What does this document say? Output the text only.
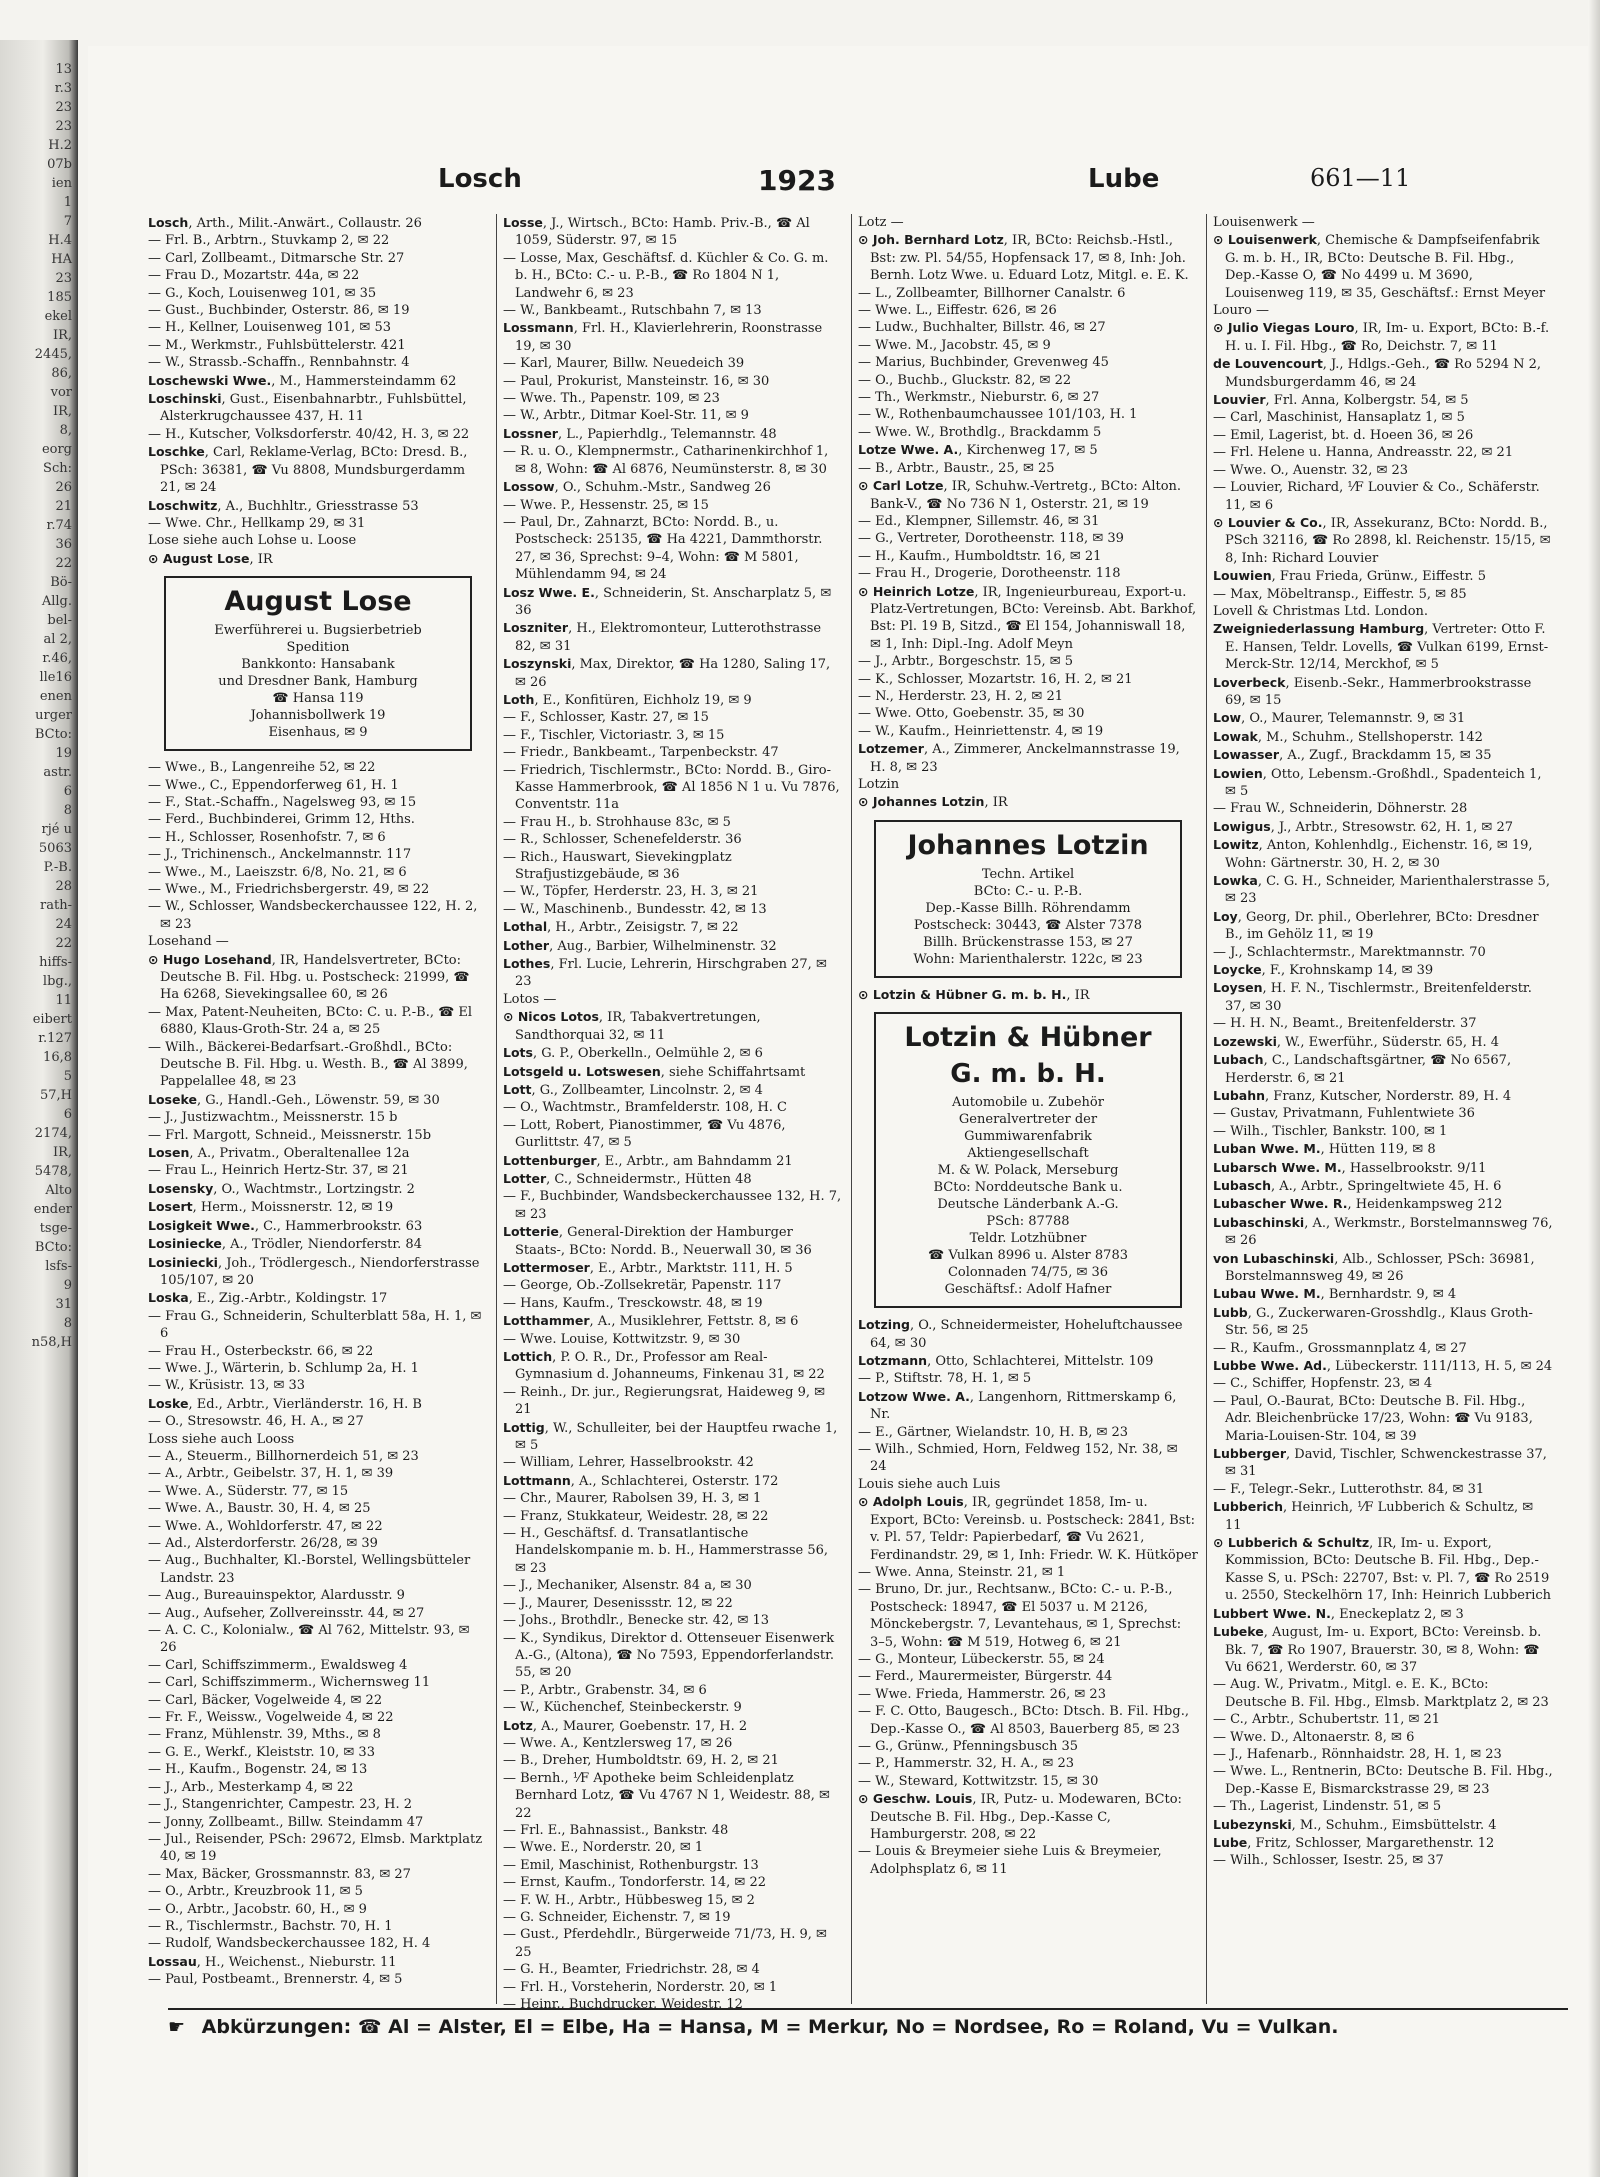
13
r.3
23
23
H.2
07b
ien
1
7
H.4
HA
23
185
ekel
IR,
2445,
86,
vor
IR,
8,
eorg
Sch:
26
21
r.74
36
22
Bö-
Allg.
bel-
al 2,
r.46,
lle16
enen
urger
BCto:
19
astr.
6
8
rjé u
5063
P.-B.
28
rath-
24
22
hiffs-
lbg.,
11
eibert
r.127
16,8
5
57,H
6
2174,
IR,
5478,
Alto
ender
tsge-
BCto:
lsfs-
9
31
8
n58,H
Losch	1923	Lube	661—11
Losch, Arth., Milit.-Anwärt., Collaustr. 26
— Frl. B., Arbtrn., Stuvkamp 2, ✉ 22
— Carl, Zollbeamt., Ditmarsche Str. 27
— Frau D., Mozartstr. 44a, ✉ 22
— G., Koch, Louisenweg 101, ✉ 35
— Gust., Buchbinder, Osterstr. 86, ✉ 19
— H., Kellner, Louisenweg 101, ✉ 53
— M., Werkmstr., Fuhlsbüttelerstr. 421
— W., Strassb.-Schaffn., Rennbahnstr. 4
Loschewski Wwe., M., Hammersteindamm 62
Loschinski, Gust., Eisenbahnarbtr., Fuhlsbüttel, Alsterkrugchaussee 437, H. 11
— H., Kutscher, Volksdorferstr. 40/42, H. 3, ✉ 22
Loschke, Carl, Reklame-Verlag, BCto: Dresd. B., PSch: 36381, ☎ Vu 8808, Mundsburgerdamm 21, ✉ 24
Loschwitz, A., Buchhltr., Griesstrasse 53
— Wwe. Chr., Hellkamp 29, ✉ 31
Lose siehe auch Lohse u. Loose
⊙ August Lose, IR
August Lose
Ewerführerei u. Bugsierbetrieb
Spedition
Bankkonto: Hansabank
und Dresdner Bank, Hamburg
☎ Hansa 119
Johannisbollwerk 19
Eisenhaus, ✉ 9
— Wwe., B., Langenreihe 52, ✉ 22
— Wwe., C., Eppendorferweg 61, H. 1
— F., Stat.-Schaffn., Nagelsweg 93, ✉ 15
— Ferd., Buchbinderei, Grimm 12, Hths.
— H., Schlosser, Rosenhofstr. 7, ✉ 6
— J., Trichinensch., Anckelmannstr. 117
— Wwe., M., Laeiszstr. 6/8, No. 21, ✉ 6
— Wwe., M., Friedrichsbergerstr. 49, ✉ 22
— W., Schlosser, Wandsbeckerchaussee 122, H. 2, ✉ 23
Losehand —
⊙ Hugo Losehand, IR, Handelsvertreter, BCto: Deutsche B. Fil. Hbg. u. Postscheck: 21999, ☎ Ha 6268, Sievekingsallee 60, ✉ 26
— Max, Patent-Neuheiten, BCto: C. u. P.-B., ☎ El 6880, Klaus-Groth-Str. 24 a, ✉ 25
— Wilh., Bäckerei-Bedarfsart.-Großhdl., BCto: Deutsche B. Fil. Hbg. u. Westh. B., ☎ Al 3899, Pappelallee 48, ✉ 23
Loseke, G., Handl.-Geh., Löwenstr. 59, ✉ 30
— J., Justizwachtm., Meissnerstr. 15 b
— Frl. Margott, Schneid., Meissnerstr. 15b
Losen, A., Privatm., Oberaltenallee 12a
— Frau L., Heinrich Hertz-Str. 37, ✉ 21
Losensky, O., Wachtmstr., Lortzingstr. 2
Losert, Herm., Moissnerstr. 12, ✉ 19
Losigkeit Wwe., C., Hammerbrookstr. 63
Losiniecke, A., Trödler, Niendorferstr. 84
Losiniecki, Joh., Trödlergesch., Niendorferstrasse 105/107, ✉ 20
Loska, E., Zig.-Arbtr., Koldingstr. 17
— Frau G., Schneiderin, Schulterblatt 58a, H. 1, ✉ 6
— Frau H., Osterbeckstr. 66, ✉ 22
— Wwe. J., Wärterin, b. Schlump 2a, H. 1
— W., Krüsistr. 13, ✉ 33
Loske, Ed., Arbtr., Vierländerstr. 16, H. B
— O., Stresowstr. 46, H. A., ✉ 27
Loss siehe auch Looss
— A., Steuerm., Billhornerdeich 51, ✉ 23
— A., Arbtr., Geibelstr. 37, H. 1, ✉ 39
— Wwe. A., Süderstr. 77, ✉ 15
— Wwe. A., Baustr. 30, H. 4, ✉ 25
— Wwe. A., Wohldorferstr. 47, ✉ 22
— Ad., Alsterdorferstr. 26/28, ✉ 39
— Aug., Buchhalter, Kl.-Borstel, Wellingsbütteler Landstr. 23
— Aug., Bureauinspektor, Alardusstr. 9
— Aug., Aufseher, Zollvereinsstr. 44, ✉ 27
— A. C. C., Kolonialw., ☎ Al 762, Mittelstr. 93, ✉ 26
— Carl, Schiffszimmerm., Ewaldsweg 4
— Carl, Schiffszimmerm., Wichernsweg 11
— Carl, Bäcker, Vogelweide 4, ✉ 22
— Fr. F., Weissw., Vogelweide 4, ✉ 22
— Franz, Mühlenstr. 39, Mths., ✉ 8
— G. E., Werkf., Kleiststr. 10, ✉ 33
— H., Kaufm., Bogenstr. 24, ✉ 13
— J., Arb., Mesterkamp 4, ✉ 22
— J., Stangenrichter, Campestr. 23, H. 2
— Jonny, Zollbeamt., Billw. Steindamm 47
— Jul., Reisender, PSch: 29672, Elmsb. Marktplatz 40, ✉ 19
— Max, Bäcker, Grossmannstr. 83, ✉ 27
— O., Arbtr., Kreuzbrook 11, ✉ 5
— O., Arbtr., Jacobstr. 60, H., ✉ 9
— R., Tischlermstr., Bachstr. 70, H. 1
— Rudolf, Wandsbeckerchaussee 182, H. 4
Lossau, H., Weichenst., Nieburstr. 11
— Paul, Postbeamt., Brennerstr. 4, ✉ 5
Losse, J., Wirtsch., BCto: Hamb. Priv.-B., ☎ Al 1059, Süderstr. 97, ✉ 15
— Losse, Max, Geschäftsf. d. Küchler & Co. G. m. b. H., BCto: C.- u. P.-B., ☎ Ro 1804 N 1, Landwehr 6, ✉ 23
— W., Bankbeamt., Rutschbahn 7, ✉ 13
Lossmann, Frl. H., Klavierlehrerin, Roonstrasse 19, ✉ 30
— Karl, Maurer, Billw. Neuedeich 39
— Paul, Prokurist, Mansteinstr. 16, ✉ 30
— Wwe. Th., Papenstr. 109, ✉ 23
— W., Arbtr., Ditmar Koel-Str. 11, ✉ 9
Lossner, L., Papierhdlg., Telemannstr. 48
— R. u. O., Klempnermstr., Catharinenkirchhof 1, ✉ 8, Wohn: ☎ Al 6876, Neumünsterstr. 8, ✉ 30
Lossow, O., Schuhm.-Mstr., Sandweg 26
— Wwe. P., Hessenstr. 25, ✉ 15
— Paul, Dr., Zahnarzt, BCto: Nordd. B., u. Postscheck: 25135, ☎ Ha 4221, Dammthorstr. 27, ✉ 36, Sprechst: 9–4, Wohn: ☎ M 5801, Mühlendamm 94, ✉ 24
Losz Wwe. E., Schneiderin, St. Anscharplatz 5, ✉ 36
Loszniter, H., Elektromonteur, Lutterothstrasse 82, ✉ 31
Loszynski, Max, Direktor, ☎ Ha 1280, Saling 17, ✉ 26
Loth, E., Konfitüren, Eichholz 19, ✉ 9
— F., Schlosser, Kastr. 27, ✉ 15
— F., Tischler, Victoriastr. 3, ✉ 15
— Friedr., Bankbeamt., Tarpenbeckstr. 47
— Friedrich, Tischlermstr., BCto: Nordd. B., Giro-Kasse Hammerbrook, ☎ Al 1856 N 1 u. Vu 7876, Conventstr. 11a
— Frau H., b. Strohhause 83c, ✉ 5
— R., Schlosser, Schenefelderstr. 36
— Rich., Hauswart, Sievekingplatz Strafjustizgebäude, ✉ 36
— W., Töpfer, Herderstr. 23, H. 3, ✉ 21
— W., Maschinenb., Bundesstr. 42, ✉ 13
Lothal, H., Arbtr., Zeisigstr. 7, ✉ 22
Lother, Aug., Barbier, Wilhelminenstr. 32
Lothes, Frl. Lucie, Lehrerin, Hirschgraben 27, ✉ 23
Lotos —
⊙ Nicos Lotos, IR, Tabakvertretungen, Sandthorquai 32, ✉ 11
Lots, G. P., Oberkelln., Oelmühle 2, ✉ 6
Lotsgeld u. Lotswesen, siehe Schiffahrtsamt
Lott, G., Zollbeamter, Lincolnstr. 2, ✉ 4
— O., Wachtmstr., Bramfelderstr. 108, H. C
— Lott, Robert, Pianostimmer, ☎ Vu 4876, Gurlittstr. 47, ✉ 5
Lottenburger, E., Arbtr., am Bahndamm 21
Lotter, C., Schneidermstr., Hütten 48
— F., Buchbinder, Wandsbeckerchaussee 132, H. 7, ✉ 23
Lotterie, General-Direktion der Hamburger Staats-, BCto: Nordd. B., Neuerwall 30, ✉ 36
Lottermoser, E., Arbtr., Marktstr. 111, H. 5
— George, Ob.-Zollsekretär, Papenstr. 117
— Hans, Kaufm., Tresckowstr. 48, ✉ 19
Lotthammer, A., Musiklehrer, Fettstr. 8, ✉ 6
— Wwe. Louise, Kottwitzstr. 9, ✉ 30
Lottich, P. O. R., Dr., Professor am Real-Gymnasium d. Johanneums, Finkenau 31, ✉ 22
— Reinh., Dr. jur., Regierungsrat, Haideweg 9, ✉ 21
Lottig, W., Schulleiter, bei der Hauptfeu rwache 1, ✉ 5
— William, Lehrer, Hasselbrookstr. 42
Lottmann, A., Schlachterei, Osterstr. 172
— Chr., Maurer, Rabolsen 39, H. 3, ✉ 1
— Franz, Stukkateur, Weidestr. 28, ✉ 22
— H., Geschäftsf. d. Transatlantische Handelskompanie m. b. H., Hammerstrasse 56, ✉ 23
— J., Mechaniker, Alsenstr. 84 a, ✉ 30
— J., Maurer, Desenissstr. 12, ✉ 22
— Johs., Brothdlr., Benecke str. 42, ✉ 13
— K., Syndikus, Direktor d. Ottenseuer Eisenwerk A.-G., (Altona), ☎ No 7593, Eppendorferlandstr. 55, ✉ 20
— P., Arbtr., Grabenstr. 34, ✉ 6
— W., Küchenchef, Steinbeckerstr. 9
Lotz, A., Maurer, Goebenstr. 17, H. 2
— Wwe. A., Kentzlersweg 17, ✉ 26
— B., Dreher, Humboldtstr. 69, H. 2, ✉ 21
— Bernh., ⅟F Apotheke beim Schleidenplatz Bernhard Lotz, ☎ Vu 4767 N 1, Weidestr. 88, ✉ 22
— Frl. E., Bahnassist., Bankstr. 48
— Wwe. E., Norderstr. 20, ✉ 1
— Emil, Maschinist, Rothenburgstr. 13
— Ernst, Kaufm., Tondorferstr. 14, ✉ 22
— F. W. H., Arbtr., Hübbesweg 15, ✉ 2
— G. Schneider, Eichenstr. 7, ✉ 19
— Gust., Pferdehdlr., Bürgerweide 71/73, H. 9, ✉ 25
— G. H., Beamter, Friedrichstr. 28, ✉ 4
— Frl. H., Vorsteherin, Norderstr. 20, ✉ 1
— Heinr., Buchdrucker, Weidestr. 12
Lotz —
⊙ Joh. Bernhard Lotz, IR, BCto: Reichsb.-Hstl., Bst: zw. Pl. 54/55, Hopfensack 17, ✉ 8, Inh: Joh. Bernh. Lotz Wwe. u. Eduard Lotz, Mitgl. e. E. K.
— L., Zollbeamter, Billhorner Canalstr. 6
— Wwe. L., Eiffestr. 626, ✉ 26
— Ludw., Buchhalter, Billstr. 46, ✉ 27
— Wwe. M., Jacobstr. 45, ✉ 9
— Marius, Buchbinder, Grevenweg 45
— O., Buchb., Gluckstr. 82, ✉ 22
— Th., Werkmstr., Nieburstr. 6, ✉ 27
— W., Rothenbaumchaussee 101/103, H. 1
— Wwe. W., Brothdlg., Brackdamm 5
Lotze Wwe. A., Kirchenweg 17, ✉ 5
— B., Arbtr., Baustr., 25, ✉ 25
⊙ Carl Lotze, IR, Schuhw.-Vertretg., BCto: Alton. Bank-V., ☎ No 736 N 1, Osterstr. 21, ✉ 19
— Ed., Klempner, Sillemstr. 46, ✉ 31
— G., Vertreter, Dorotheenstr. 118, ✉ 39
— H., Kaufm., Humboldtstr. 16, ✉ 21
— Frau H., Drogerie, Dorotheenstr. 118
⊙ Heinrich Lotze, IR, Ingenieurbureau, Export-u. Platz-Vertretungen, BCto: Vereinsb. Abt. Barkhof, Bst: Pl. 19 B, Sitzd., ☎ El 154, Johanniswall 18, ✉ 1, Inh: Dipl.-Ing. Adolf Meyn
— J., Arbtr., Borgeschstr. 15, ✉ 5
— K., Schlosser, Mozartstr. 16, H. 2, ✉ 21
— N., Herderstr. 23, H. 2, ✉ 21
— Wwe. Otto, Goebenstr. 35, ✉ 30
— W., Kaufm., Heinriettenstr. 4, ✉ 19
Lotzemer, A., Zimmerer, Anckelmannstrasse 19, H. 8, ✉ 23
Lotzin
⊙ Johannes Lotzin, IR
Johannes Lotzin
Techn. Artikel
BCto: C.- u. P.-B.
Dep.-Kasse Billh. Röhrendamm
Postscheck: 30443, ☎ Alster 7378
Billh. Brückenstrasse 153, ✉ 27
Wohn: Marienthalerstr. 122c, ✉ 23
⊙ Lotzin & Hübner G. m. b. H., IR
Lotzin & Hübner
G. m. b. H.
Automobile u. Zubehör
Generalvertreter der
Gummiwarenfabrik
Aktiengesellschaft
M. & W. Polack, Merseburg
BCto: Norddeutsche Bank u.
Deutsche Länderbank A.-G.
PSch: 87788
Teldr. Lotzhübner
☎ Vulkan 8996 u. Alster 8783
Colonnaden 74/75, ✉ 36
Geschäftsf.: Adolf Hafner
Lotzing, O., Schneidermeister, Hoheluftchaussee 64, ✉ 30
Lotzmann, Otto, Schlachterei, Mittelstr. 109
— P., Stiftstr. 78, H. 1, ✉ 5
Lotzow Wwe. A., Langenhorn, Rittmerskamp 6, Nr.
— E., Gärtner, Wielandstr. 10, H. B, ✉ 23
— Wilh., Schmied, Horn, Feldweg 152, Nr. 38, ✉ 24
Louis siehe auch Luis
⊙ Adolph Louis, IR, gegründet 1858, Im- u. Export, BCto: Vereinsb. u. Postscheck: 2841, Bst: v. Pl. 57, Teldr: Papierbedarf, ☎ Vu 2621, Ferdinandstr. 29, ✉ 1, Inh: Friedr. W. K. Hütköper
— Wwe. Anna, Steinstr. 21, ✉ 1
— Bruno, Dr. jur., Rechtsanw., BCto: C.- u. P.-B., Postscheck: 18947, ☎ El 5037 u. M 2126, Mönckebergstr. 7, Levantehaus, ✉ 1, Sprechst: 3–5, Wohn: ☎ M 519, Hotweg 6, ✉ 21
— G., Monteur, Lübeckerstr. 55, ✉ 24
— Ferd., Maurermeister, Bürgerstr. 44
— Wwe. Frieda, Hammerstr. 26, ✉ 23
— F. C. Otto, Baugesch., BCto: Dtsch. B. Fil. Hbg., Dep.-Kasse O., ☎ Al 8503, Bauerberg 85, ✉ 23
— G., Grünw., Pfenningsbusch 35
— P., Hammerstr. 32, H. A., ✉ 23
— W., Steward, Kottwitzstr. 15, ✉ 30
⊙ Geschw. Louis, IR, Putz- u. Modewaren, BCto: Deutsche B. Fil. Hbg., Dep.-Kasse C, Hamburgerstr. 208, ✉ 22
— Louis & Breymeier siehe Luis & Breymeier, Adolphsplatz 6, ✉ 11
Louisenwerk —
⊙ Louisenwerk, Chemische & Dampfseifenfabrik G. m. b. H., IR, BCto: Deutsche B. Fil. Hbg., Dep.-Kasse O, ☎ No 4499 u. M 3690, Louisenweg 119, ✉ 35, Geschäftsf.: Ernst Meyer
Louro —
⊙ Julio Viegas Louro, IR, Im- u. Export, BCto: B.-f. H. u. I. Fil. Hbg., ☎ Ro, Deichstr. 7, ✉ 11
de Louvencourt, J., Hdlgs.-Geh., ☎ Ro 5294 N 2, Mundsburgerdamm 46, ✉ 24
Louvier, Frl. Anna, Kolbergstr. 54, ✉ 5
— Carl, Maschinist, Hansaplatz 1, ✉ 5
— Emil, Lagerist, bt. d. Hoeen 36, ✉ 26
— Frl. Helene u. Hanna, Andreasstr. 22, ✉ 21
— Wwe. O., Auenstr. 32, ✉ 23
— Louvier, Richard, ⅟F Louvier & Co., Schäferstr. 11, ✉ 6
⊙ Louvier & Co., IR, Assekuranz, BCto: Nordd. B., PSch 32116, ☎ Ro 2898, kl. Reichenstr. 15/15, ✉ 8, Inh: Richard Louvier
Louwien, Frau Frieda, Grünw., Eiffestr. 5
— Max, Möbeltransp., Eiffestr. 5, ✉ 85
Lovell & Christmas Ltd. London.
Zweigniederlassung Hamburg, Vertreter: Otto F. E. Hansen, Teldr. Lovells, ☎ Vulkan 6199, Ernst-Merck-Str. 12/14, Merckhof, ✉ 5
Loverbeck, Eisenb.-Sekr., Hammerbrookstrasse 69, ✉ 15
Low, O., Maurer, Telemannstr. 9, ✉ 31
Lowak, M., Schuhm., Stellshoperstr. 142
Lowasser, A., Zugf., Brackdamm 15, ✉ 35
Lowien, Otto, Lebensm.-Großhdl., Spadenteich 1, ✉ 5
— Frau W., Schneiderin, Döhnerstr. 28
Lowigus, J., Arbtr., Stresowstr. 62, H. 1, ✉ 27
Lowitz, Anton, Kohlenhdlg., Eichenstr. 16, ✉ 19, Wohn: Gärtnerstr. 30, H. 2, ✉ 30
Lowka, C. G. H., Schneider, Marienthalerstrasse 5, ✉ 23
Loy, Georg, Dr. phil., Oberlehrer, BCto: Dresdner B., im Gehölz 11, ✉ 19
— J., Schlachtermstr., Marektmannstr. 70
Loycke, F., Krohnskamp 14, ✉ 39
Loysen, H. F. N., Tischlermstr., Breitenfelderstr. 37, ✉ 30
— H. H. N., Beamt., Breitenfelderstr. 37
Lozewski, W., Ewerführ., Süderstr. 65, H. 4
Lubach, C., Landschaftsgärtner, ☎ No 6567, Herderstr. 6, ✉ 21
Lubahn, Franz, Kutscher, Norderstr. 89, H. 4
— Gustav, Privatmann, Fuhlentwiete 36
— Wilh., Tischler, Bankstr. 100, ✉ 1
Luban Wwe. M., Hütten 119, ✉ 8
Lubarsch Wwe. M., Hasselbrookstr. 9/11
Lubasch, A., Arbtr., Springeltwiete 45, H. 6
Lubascher Wwe. R., Heidenkampsweg 212
Lubaschinski, A., Werkmstr., Borstelmannsweg 76, ✉ 26
von Lubaschinski, Alb., Schlosser, PSch: 36981, Borstelmannsweg 49, ✉ 26
Lubau Wwe. M., Bernhardstr. 9, ✉ 4
Lubb, G., Zuckerwaren-Grosshdlg., Klaus Groth-Str. 56, ✉ 25
— R., Kaufm., Grossmannplatz 4, ✉ 27
Lubbe Wwe. Ad., Lübeckerstr. 111/113, H. 5, ✉ 24
— C., Schiffer, Hopfenstr. 23, ✉ 4
— Paul, O.-Baurat, BCto: Deutsche B. Fil. Hbg., Adr. Bleichenbrücke 17/23, Wohn: ☎ Vu 9183, Maria-Louisen-Str. 104, ✉ 39
Lubberger, David, Tischler, Schwenckestrasse 37, ✉ 31
— F., Telegr.-Sekr., Lutterothstr. 84, ✉ 31
Lubberich, Heinrich, ⅟F Lubberich & Schultz, ✉ 11
⊙ Lubberich & Schultz, IR, Im- u. Export, Kommission, BCto: Deutsche B. Fil. Hbg., Dep.-Kasse S, u. PSch: 22707, Bst: v. Pl. 7, ☎ Ro 2519 u. 2550, Steckelhörn 17, Inh: Heinrich Lubberich
Lubbert Wwe. N., Eneckeplatz 2, ✉ 3
Lubeke, August, Im- u. Export, BCto: Vereinsb. b. Bk. 7, ☎ Ro 1907, Brauerstr. 30, ✉ 8, Wohn: ☎ Vu 6621, Werderstr. 60, ✉ 37
— Aug. W., Privatm., Mitgl. e. E. K., BCto: Deutsche B. Fil. Hbg., Elmsb. Marktplatz 2, ✉ 23
— C., Arbtr., Schubertstr. 11, ✉ 21
— Wwe. D., Altonaerstr. 8, ✉ 6
— J., Hafenarb., Rönnhaidstr. 28, H. 1, ✉ 23
— Wwe. L., Rentnerin, BCto: Deutsche B. Fil. Hbg., Dep.-Kasse E, Bismarckstrasse 29, ✉ 23
— Th., Lagerist, Lindenstr. 51, ✉ 5
Lubezynski, M., Schuhm., Eimsbüttelstr. 4
Lube, Fritz, Schlosser, Margarethenstr. 12
— Wilh., Schlosser, Isestr. 25, ✉ 37
☛ Abkürzungen: ☎ Al = Alster, El = Elbe, Ha = Hansa, M = Merkur, No = Nordsee, Ro = Roland, Vu = Vulkan.
